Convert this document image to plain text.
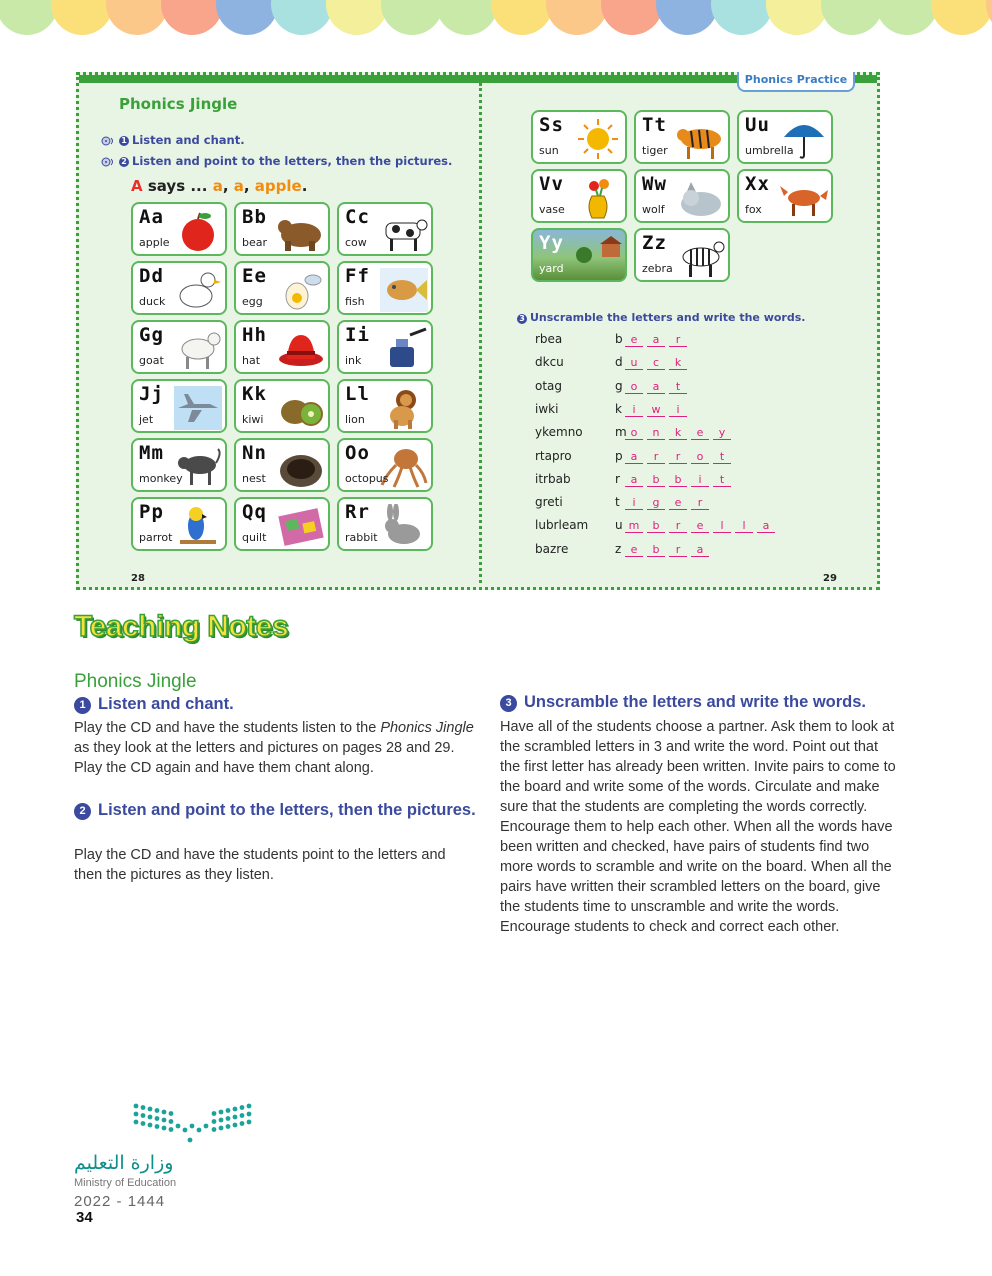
Phonics Practice
Phonics Jingle
1 Listen and chant.
2 Listen and point to the letters, then the pictures.
A says ... a, a, apple.
Aa
apple
Bb
bear
Cc
cow
Dd
duck
Ee
egg
Ff
fish
Gg
goat
Hh
hat
Ii
ink
Jj
jet
Kk
kiwi
Ll
lion
Mm
monkey
Nn
nest
Oo
octopus
Pp
parrot
Qq
quilt
Rr
rabbit
Ss
sun
Tt
tiger
Uu
umbrella
Vv
vase
Ww
wolf
Xx
fox
Yy
yard
Zz
zebra
3 Unscramble the letters and write the words.
rbea	b e a r
dkcu	d u c k
otag	g o a t
iwki	k i w i
ykemno	m o n k e y
rtapro	p a r r o t
itrbab	r a b b i t
greti	t i g e r
lubrleam	u m b r e l l a
bazre	z e b r a
28	29
Teaching Notes
Phonics Jingle
1 Listen and chant.
Play the CD and have the students listen to the Phonics Jingle as they look at the letters and pictures on pages 28 and 29. Play the CD again and have them chant along.
2 Listen and point to the letters, then the pictures.
Play the CD and have the students point to the letters and then the pictures as they listen.
3 Unscramble the letters and write the words.
Have all of the students choose a partner. Ask them to look at the scrambled letters in 3 and write the word. Point out that the first letter has already been written. Invite pairs to come to the board and write some of the words. Circulate and make sure that the students are completing the words correctly. Encourage them to help each other. When all the words have been written and checked, have pairs of students find two more words to scramble and write on the board. When all the pairs have written their scrambled letters on the board, give the students time to unscramble and write the words. Encourage students to check and correct each other.
وزارة التعليم
Ministry of Education
2022 - 1444
34
